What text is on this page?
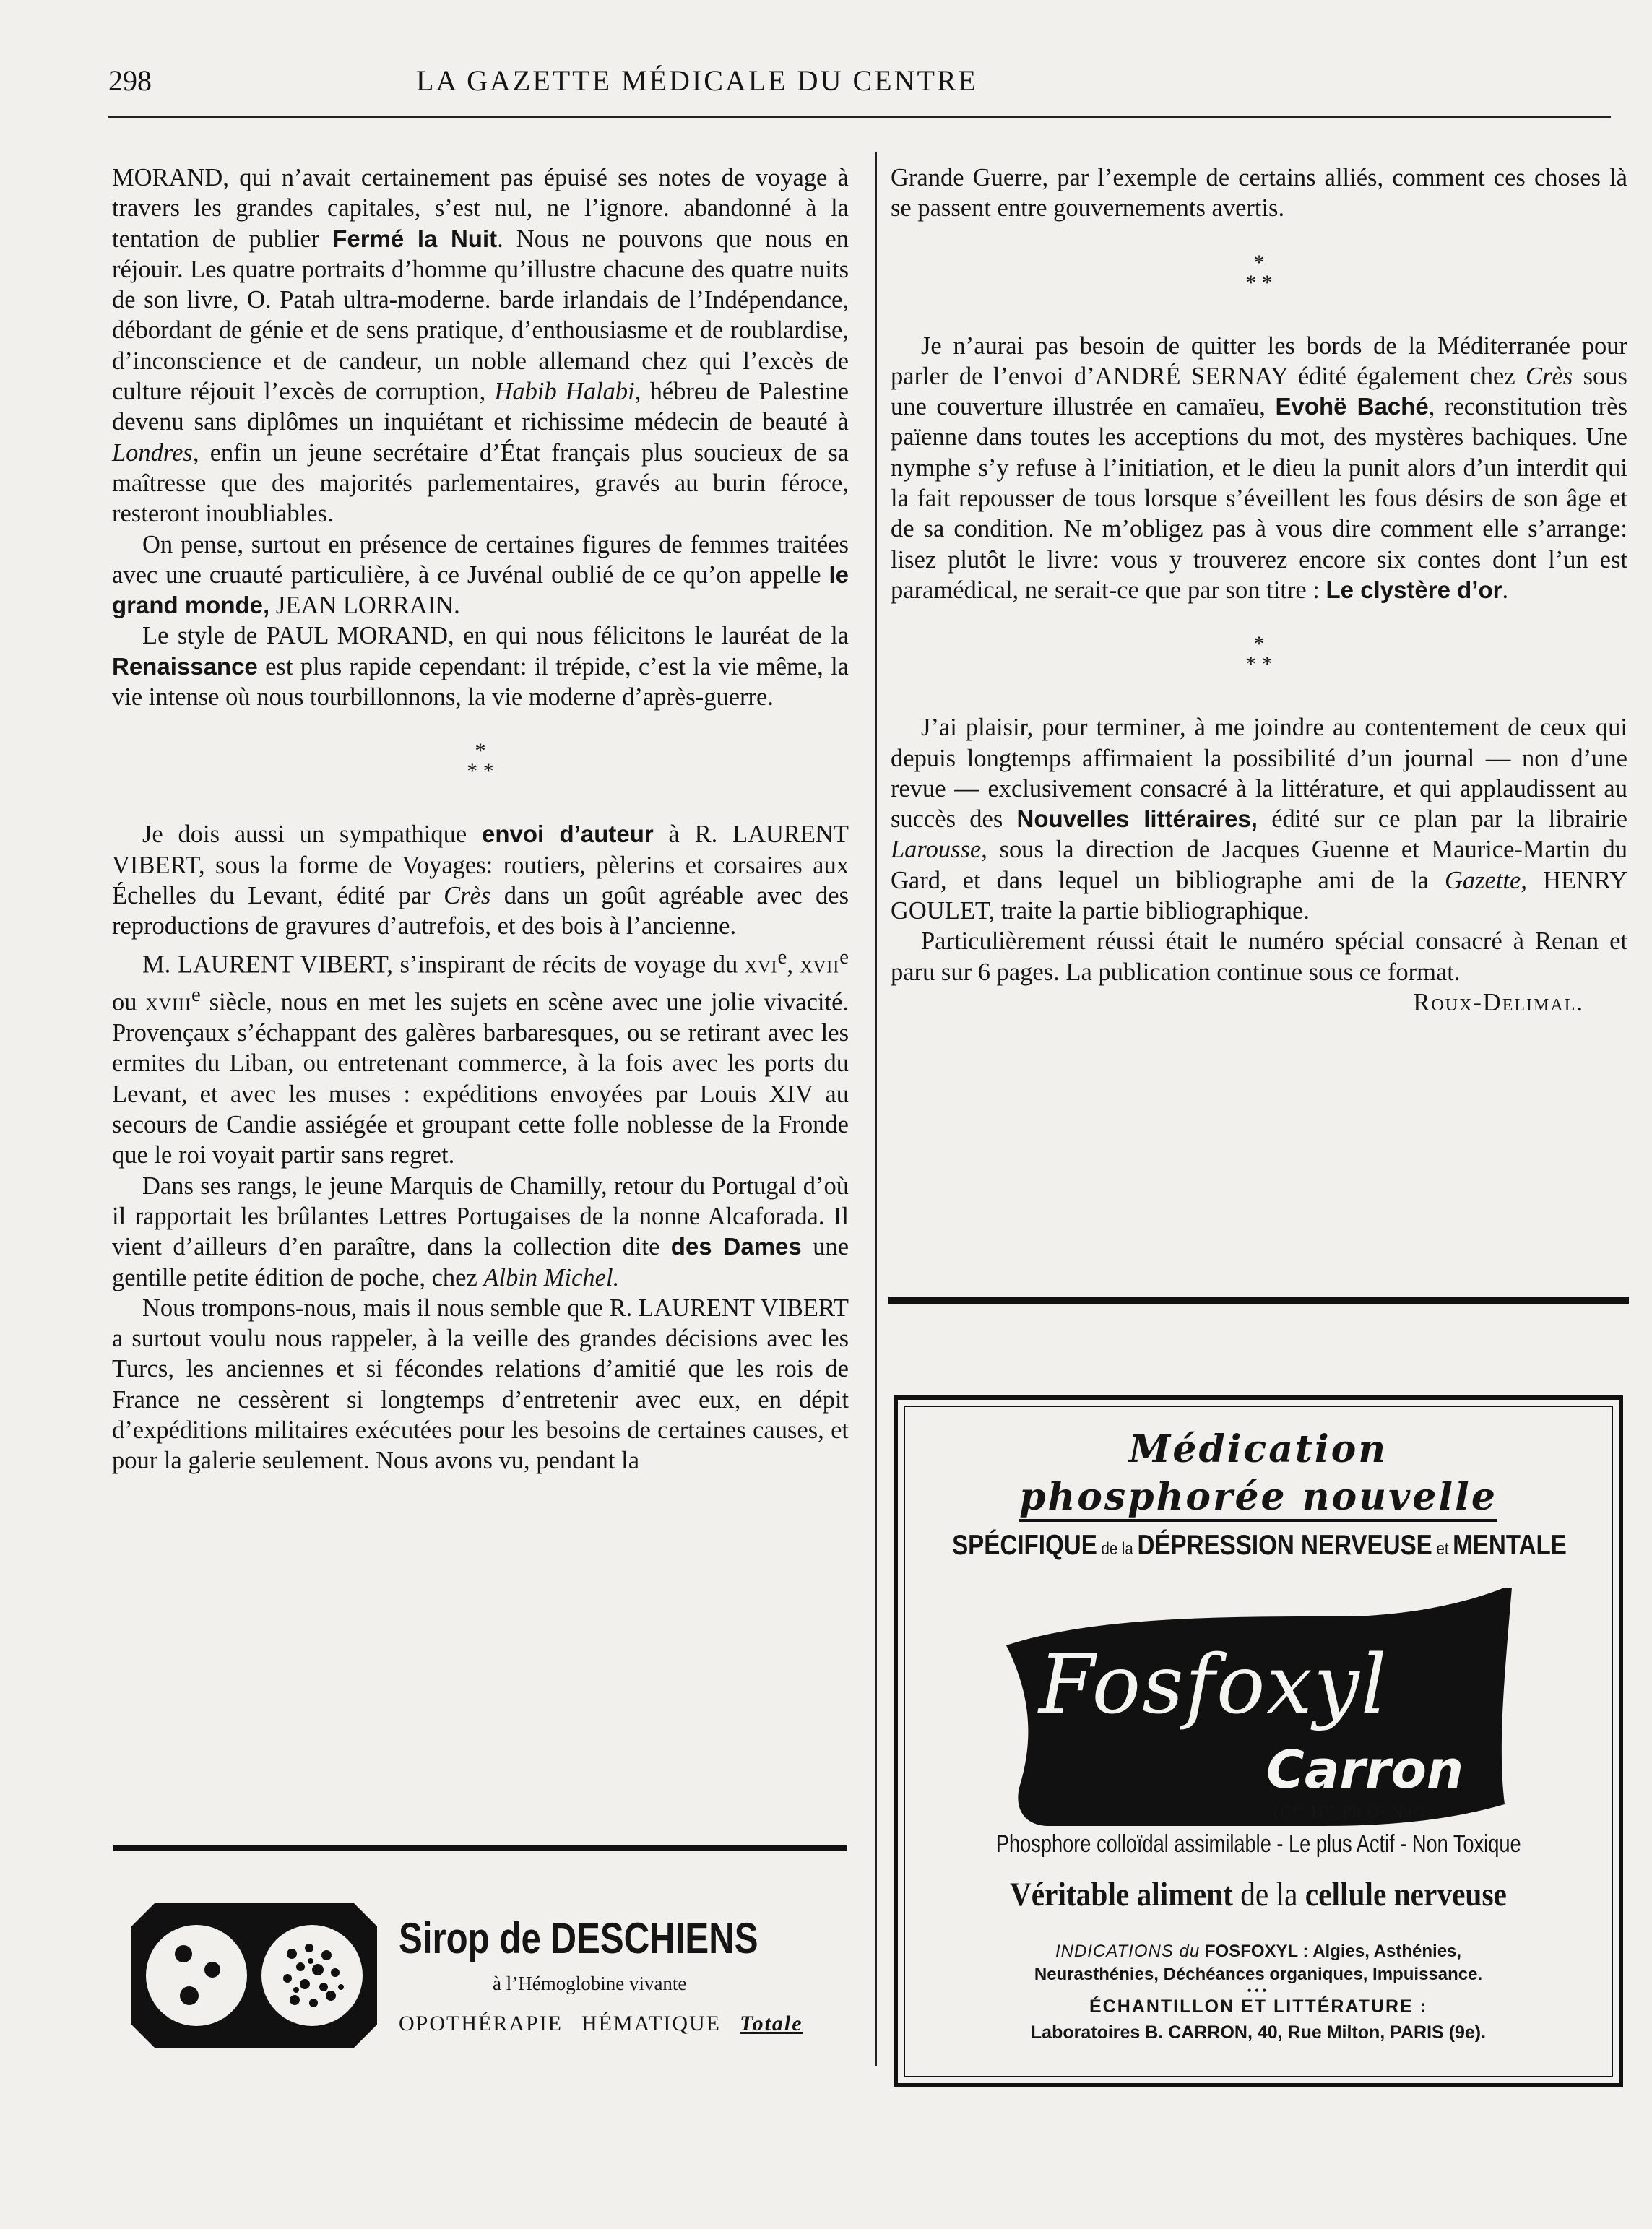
298	LA GAZETTE MÉDICALE DU CENTRE

MORAND, qui n’avait certainement pas épuisé ses notes de voyage à travers les grandes capitales, s’est nul, ne l’ignore. abandonné à la tentation de publier Fermé la Nuit. Nous ne pouvons que nous en réjouir. Les quatre portraits d’homme qu’illustre chacune des quatre nuits de son livre, O. Patah ultra-moderne. barde irlandais de l’Indépendance, débordant de génie et de sens pratique, d’enthousiasme et de roublardise, d’inconscience et de candeur, un noble allemand chez qui l’excès de culture réjouit l’excès de corruption, Habib Halabi, hébreu de Palestine devenu sans diplômes un inquiétant et richissime médecin de beauté à Londres, enfin un jeune secrétaire d’État français plus soucieux de sa maîtresse que des majorités parlementaires, gravés au burin féroce, resteront inoubliables.

On pense, surtout en présence de certaines figures de femmes traitées avec une cruauté particulière, à ce Juvénal oublié de ce qu’on appelle le grand monde, JEAN LORRAIN.

Le style de PAUL MORAND, en qui nous félicitons le lauréat de la Renaissance est plus rapide cependant: il trépide, c’est la vie même, la vie intense où nous tourbillonnons, la vie moderne d’après-guerre.

*
* *

Je dois aussi un sympathique envoi d’auteur à R. LAURENT VIBERT, sous la forme de Voyages: routiers, pèlerins et corsaires aux Échelles du Levant, édité par Crès dans un goût agréable avec des reproductions de gravures d’autrefois, et des bois à l’ancienne.

M. LAURENT VIBERT, s’inspirant de récits de voyage du xvi$^e$, xvii$^e$ ou xviii$^e$ siècle, nous en met les sujets en scène avec une jolie vivacité. Provençaux s’échappant des galères barbaresques, ou se retirant avec les ermites du Liban, ou entretenant commerce, à la fois avec les ports du Levant, et avec les muses : expéditions envoyées par Louis XIV au secours de Candie assiégée et groupant cette folle noblesse de la Fronde que le roi voyait partir sans regret.

Dans ses rangs, le jeune Marquis de Chamilly, retour du Portugal d’où il rapportait les brûlantes Lettres Portugaises de la nonne Alcaforada. Il vient d’ailleurs d’en paraître, dans la collection dite des Dames une gentille petite édition de poche, chez Albin Michel.

Nous trompons-nous, mais il nous semble que R. LAURENT VIBERT a surtout voulu nous rappeler, à la veille des grandes décisions avec les Turcs, les anciennes et si fécondes relations d’amitié que les rois de France ne cessèrent si longtemps d’entretenir avec eux, en dépit d’expéditions militaires exécutées pour les besoins de certaines causes, et pour la galerie seulement. Nous avons vu, pendant la

Grande Guerre, par l’exemple de certains alliés, comment ces choses là se passent entre gouvernements avertis.

*
* *

Je n’aurai pas besoin de quitter les bords de la Méditerranée pour parler de l’envoi d’ANDRÉ SERNAY édité également chez Crès sous une couverture illustrée en camaïeu, Evohë Baché, reconstitution très païenne dans toutes les acceptions du mot, des mystères bachiques. Une nymphe s’y refuse à l’initiation, et le dieu la punit alors d’un interdit qui la fait repousser de tous lorsque s’éveillent les fous désirs de son âge et de sa condition. Ne m’obligez pas à vous dire comment elle s’arrange: lisez plutôt le livre: vous y trouverez encore six contes dont l’un est paramédical, ne serait-ce que par son titre : Le clystère d’or.

*
* *

J’ai plaisir, pour terminer, à me joindre au contentement de ceux qui depuis longtemps affirmaient la possibilité d’un journal — non d’une revue — exclusivement consacré à la littérature, et qui applaudissent au succès des Nouvelles littéraires, édité sur ce plan par la librairie Larousse, sous la direction de Jacques Guenne et Maurice-Martin du Gard, et dans lequel un bibliographe ami de la Gazette, HENRY GOULET, traite la partie bibliographique.

Particulièrement réussi était le numéro spécial consacré à Renan et paru sur 6 pages. La publication continue sous ce format.

Roux-Delimal.

Sirop de DESCHIENS
à l’Hémoglobine vivante
OPOTHÉRAPIE HÉMATIQUE Totale
Médication
phosphorée nouvelle
SPÉCIFIQUE de la DÉPRESSION NERVEUSE et MENTALE
Fosfoxyl
Carron
(C¹⁰ H¹⁵ Ph O² Na²)
Phosphore colloïdal assimilable - Le plus Actif - Non Toxique
Véritable aliment de la cellule nerveuse
INDICATIONS du FOSFOXYL : Algies, Asthénies,
Neurasthénies, Déchéances organiques, Impuissance.
•••
ÉCHANTILLON ET LITTÉRATURE :
Laboratoires B. CARRON, 40, Rue Milton, PARIS (9e).
